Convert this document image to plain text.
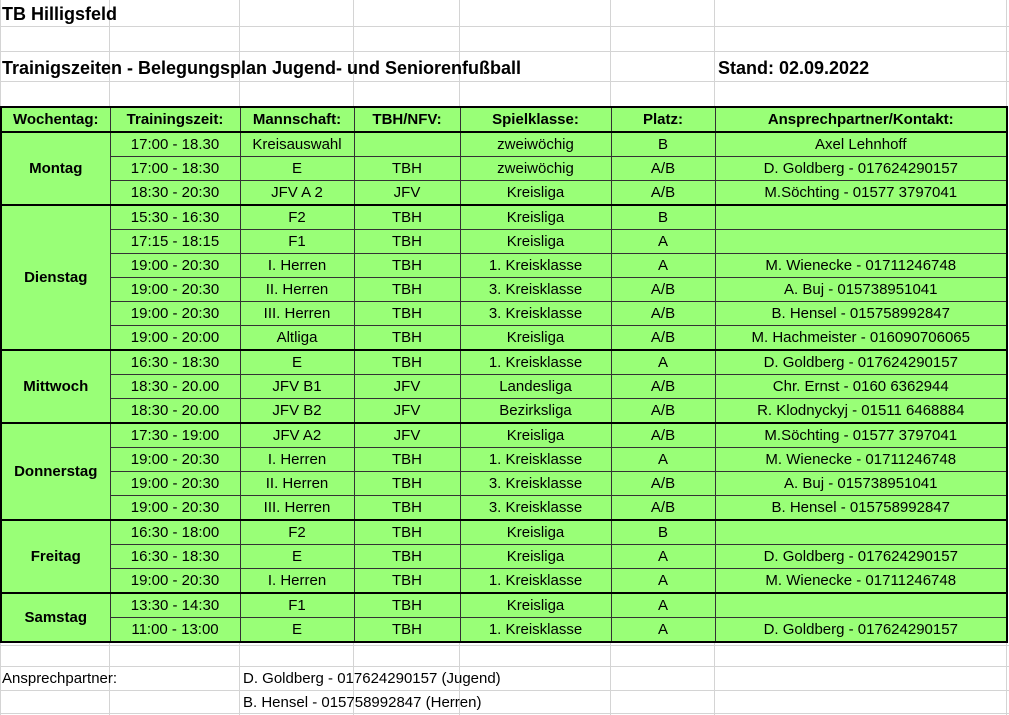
TB Hilligsfeld
Trainigszeiten - Belegungsplan Jugend- und Seniorenfußball	Stand: 02.09.2022
Wochentag:	Trainingszeit:	Mannschaft:	TBH/NFV:	Spielklasse:	Platz:	Ansprechpartner/Kontakt:
Montag	17:00 - 18.30	Kreisauswahl		zweiwöchig	B	Axel Lehnhoff
	17:00 - 18:30	E	TBH	zweiwöchig	A/B	D. Goldberg - 017624290157
	18:30 - 20:30	JFV A 2	JFV	Kreisliga	A/B	M.Söchting - 01577 3797041
Dienstag	15:30 - 16:30	F2	TBH	Kreisliga	B	
	17:15 - 18:15	F1	TBH	Kreisliga	A	
	19:00 - 20:30	I. Herren	TBH	1. Kreisklasse	A	M. Wienecke - 01711246748
	19:00 - 20:30	II. Herren	TBH	3. Kreisklasse	A/B	A. Buj - 015738951041
	19:00 - 20:30	III. Herren	TBH	3. Kreisklasse	A/B	B. Hensel - 015758992847
	19:00 - 20:00	Altliga	TBH	Kreisliga	A/B	M. Hachmeister - 016090706065
Mittwoch	16:30 - 18:30	E	TBH	1. Kreisklasse	A	D. Goldberg - 017624290157
	18:30 - 20.00	JFV B1	JFV	Landesliga	A/B	Chr. Ernst - 0160 6362944
	18:30 - 20.00	JFV B2	JFV	Bezirksliga	A/B	R. Klodnyckyj - 01511 6468884
Donnerstag	17:30 - 19:00	JFV A2	JFV	Kreisliga	A/B	M.Söchting - 01577 3797041
	19:00 - 20:30	I. Herren	TBH	1. Kreisklasse	A	M. Wienecke - 01711246748
	19:00 - 20:30	II. Herren	TBH	3. Kreisklasse	A/B	A. Buj - 015738951041
	19:00 - 20:30	III. Herren	TBH	3. Kreisklasse	A/B	B. Hensel - 015758992847
Freitag	16:30 - 18:00	F2	TBH	Kreisliga	B	
	16:30 - 18:30	E	TBH	Kreisliga	A	D. Goldberg - 017624290157
	19:00 - 20:30	I. Herren	TBH	1. Kreisklasse	A	M. Wienecke - 01711246748
Samstag	13:30 - 14:30	F1	TBH	Kreisliga	A	
	11:00 - 13:00	E	TBH	1. Kreisklasse	A	D. Goldberg - 017624290157
Ansprechpartner:	D. Goldberg - 017624290157 (Jugend)
B. Hensel - 015758992847 (Herren)
